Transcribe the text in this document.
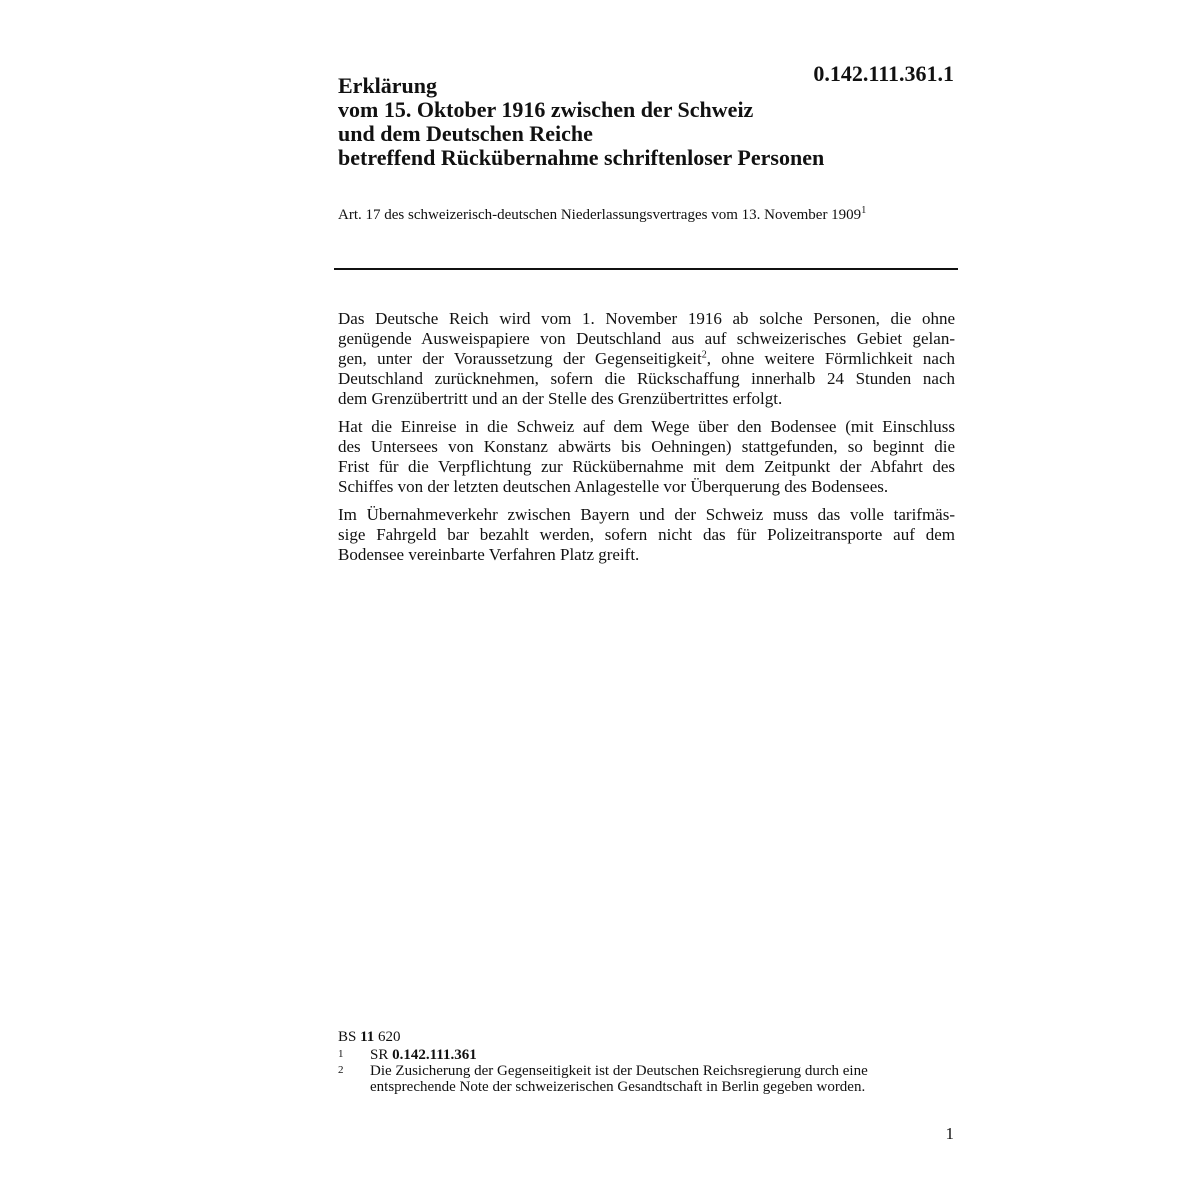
0.142.111.361.1
Erklärung
vom 15. Oktober 1916 zwischen der Schweiz
und dem Deutschen Reiche
betreffend Rückübernahme schriftenloser Personen
Art. 17 des schweizerisch-deutschen Niederlassungsvertrages vom 13. November 1909$^1$

Das Deutsche Reich wird vom 1. November 1916 ab solche Personen, die ohne
genügende Ausweispapiere von Deutschland aus auf schweizerisches Gebiet gelan-
gen, unter der Voraussetzung der Gegenseitigkeit$^2$, ohne weitere Förmlichkeit nach
Deutschland zurücknehmen, sofern die Rückschaffung innerhalb 24 Stunden nach
dem Grenzübertritt und an der Stelle des Grenzübertrittes erfolgt.

Hat die Einreise in die Schweiz auf dem Wege über den Bodensee (mit Einschluss
des Untersees von Konstanz abwärts bis Oehningen) stattgefunden, so beginnt die
Frist für die Verpflichtung zur Rückübernahme mit dem Zeitpunkt der Abfahrt des
Schiffes von der letzten deutschen Anlagestelle vor Überquerung des Bodensees.

Im Übernahmeverkehr zwischen Bayern und der Schweiz muss das volle tarifmäs-
sige Fahrgeld bar bezahlt werden, sofern nicht das für Polizeitransporte auf dem
Bodensee vereinbarte Verfahren Platz greift.

BS 11 620
1 SR 0.142.111.361
2 Die Zusicherung der Gegenseitigkeit ist der Deutschen Reichsregierung durch eine
entsprechende Note der schweizerischen Gesandtschaft in Berlin gegeben worden.
1
